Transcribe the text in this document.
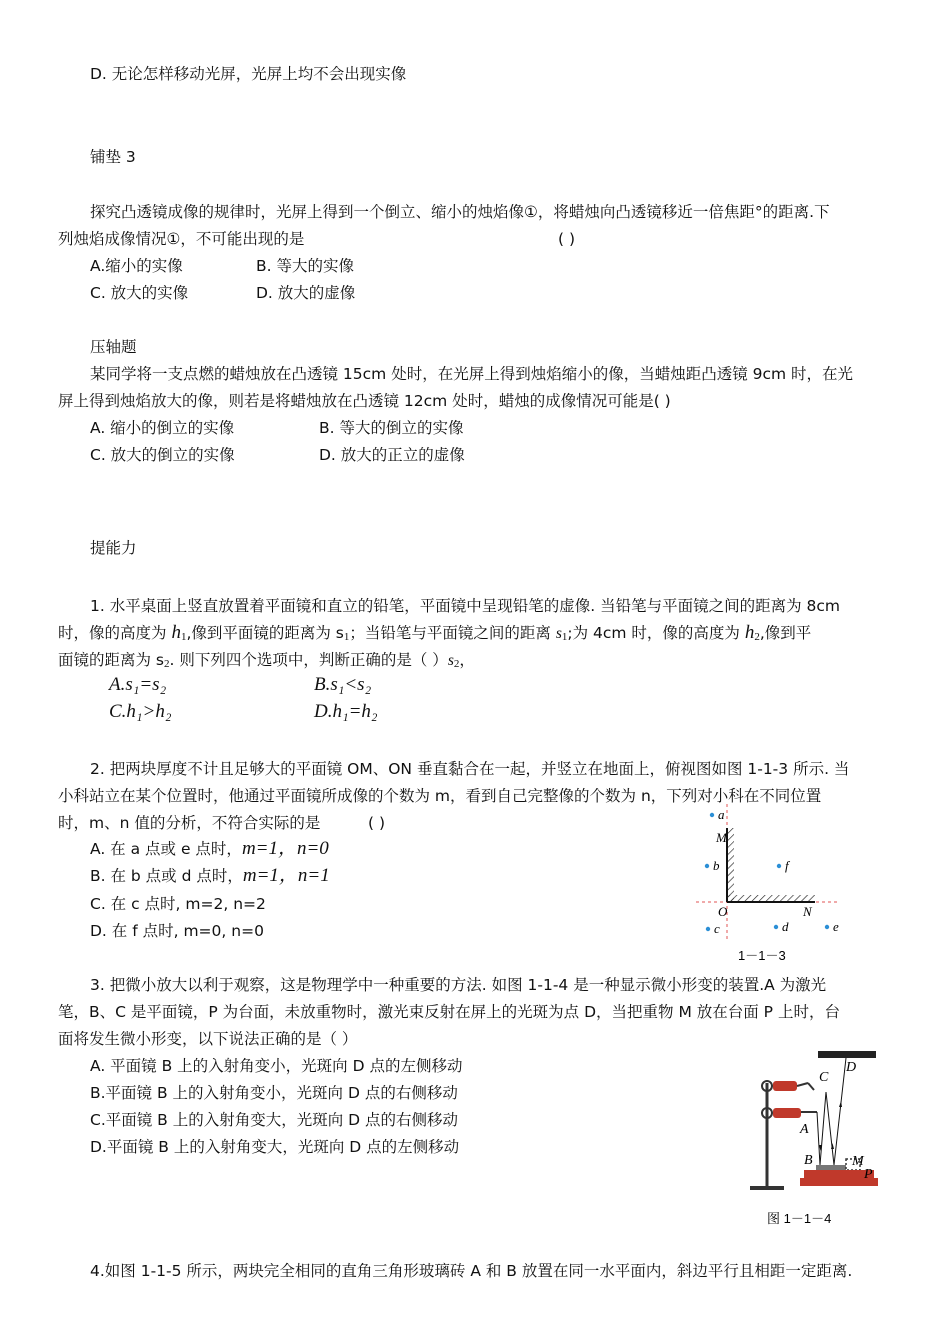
D. 无论怎样移动光屏，光屏上均不会出现实像
铺垫 3
探究凸透镜成像的规律时，光屏上得到一个倒立、缩小的烛焰像①，将蜡烛向凸透镜移近一倍焦距°的距离.下
列烛焰成像情况①，不可能出现的是	( )
A.缩小的实像	B. 等大的实像
C. 放大的实像	D. 放大的虚像
压轴题
某同学将一支点燃的蜡烛放在凸透镜 15cm 处时，在光屏上得到烛焰缩小的像，当蜡烛距凸透镜 9cm 时，在光
屏上得到烛焰放大的像，则若是将蜡烛放在凸透镜 12cm 处时，蜡烛的成像情况可能是( )
A. 缩小的倒立的实像	B. 等大的倒立的实像
C. 放大的倒立的实像	D. 放大的正立的虚像
提能力
1. 水平桌面上竖直放置着平面镜和直立的铅笔，平面镜中呈现铅笔的虚像. 当铅笔与平面镜之间的距离为 8cm
时，像的高度为 $h_1$,像到平面镜的距离为 $s_1$；当铅笔与平面镜之间的距离 $s_1$;为 4cm 时，像的高度为 $h_2$,像到平
面镜的距离为 $s_2$. 则下列四个选项中，判断正确的是（ ）$s_2$，
A.s₁=s₂	B.s₁<s₂
C.h₁>h₂	D.h₁=h₂
2. 把两块厚度不计且足够大的平面镜 OM、ON 垂直黏合在一起，并竖立在地面上，俯视图如图 1-1-3 所示. 当
小科站立在某个位置时，他通过平面镜所成像的个数为 m，看到自己完整像的个数为 n，下列对小科在不同位置
时，m、n 值的分析，不符合实际的是	( )
A. 在 a 点或 e 点时，m=1，n=0
B. 在 b 点或 d 点时，m=1，n=1
C. 在 c 点时, m=2, n=2
D. 在 f 点时, m=0, n=0
a
b	f
c	d	e
M
O	N
1－1－3
3. 把微小放大以利于观察，这是物理学中一种重要的方法. 如图 1-1-4 是一种显示微小形变的装置.A 为激光
笔，B、C 是平面镜，P 为台面，未放重物时，激光束反射在屏上的光斑为点 D，当把重物 M 放在台面 P 上时，台
面将发生微小形变，以下说法正确的是（ ）
A. 平面镜 B 上的入射角变小，光斑向 D 点的左侧移动
B.平面镜 B 上的入射角变小，光斑向 D 点的右侧移动
C.平面镜 B 上的入射角变大，光斑向 D 点的右侧移动
D.平面镜 B 上的入射角变大，光斑向 D 点的左侧移动
C
D
A
B	M
P
图 1－1－4
4.如图 1-1-5 所示，两块完全相同的直角三角形玻璃砖 A 和 B 放置在同一水平面内，斜边平行且相距一定距离.
